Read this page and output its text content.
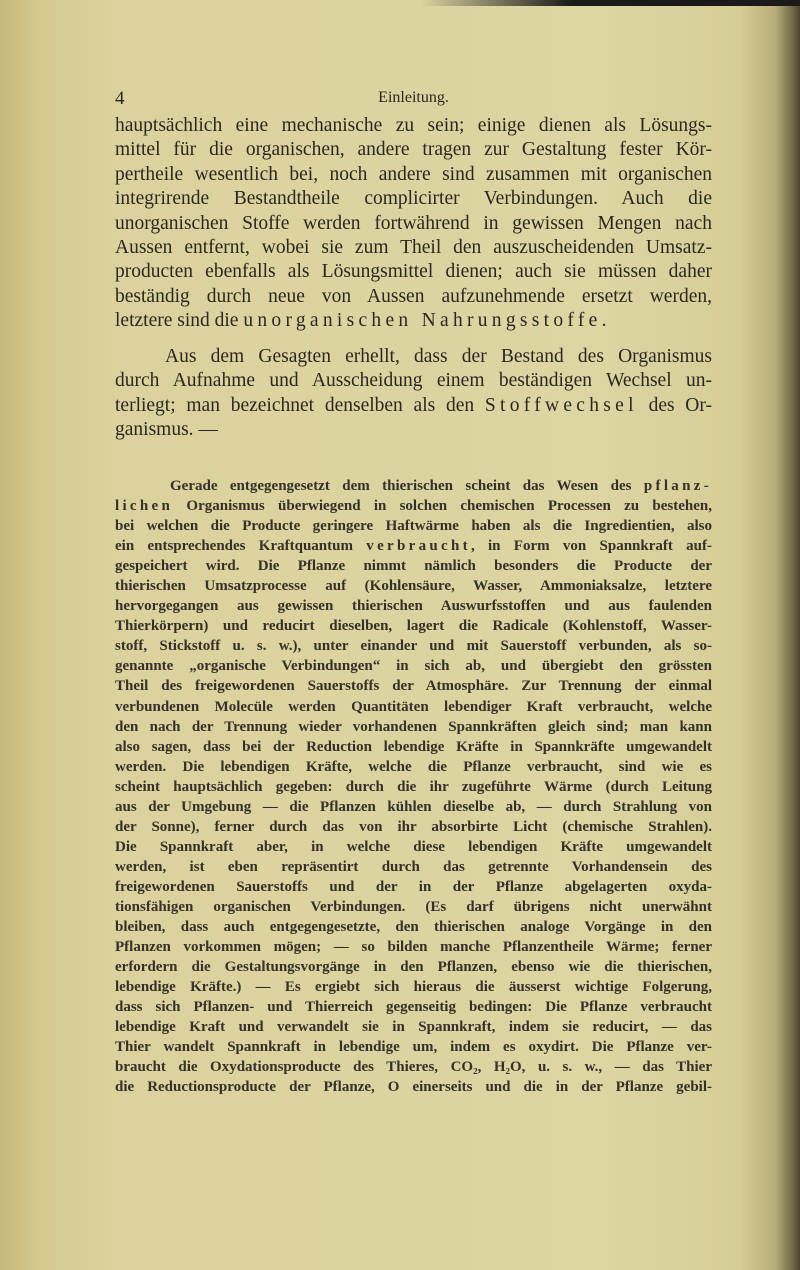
4	Einleitung.
hauptsächlich eine mechanische zu sein; einige dienen als Lösungs-
mittel für die organischen, andere tragen zur Gestaltung fester Kör-
pertheile wesentlich bei, noch andere sind zusammen mit organischen
integrirende Bestandtheile complicirter Verbindungen. Auch die
unorganischen Stoffe werden fortwährend in gewissen Mengen nach
Aussen entfernt, wobei sie zum Theil den auszuscheidenden Umsatz-
producten ebenfalls als Lösungsmittel dienen; auch sie müssen daher
beständig durch neue von Aussen aufzunehmende ersetzt werden,
letztere sind die unorganischen Nahrungsstoffe.
Aus dem Gesagten erhellt, dass der Bestand des Organismus
durch Aufnahme und Ausscheidung einem beständigen Wechsel un-
terliegt; man bezeichnet denselben als den Stoffwechsel des Or-
ganismus. —
Gerade entgegengesetzt dem thierischen scheint das Wesen des pflanz-
lichen Organismus überwiegend in solchen chemischen Processen zu bestehen,
bei welchen die Producte geringere Haftwärme haben als die Ingredientien, also
ein entsprechendes Kraftquantum verbraucht, in Form von Spannkraft auf-
gespeichert wird. Die Pflanze nimmt nämlich besonders die Producte der
thierischen Umsatzprocesse auf (Kohlensäure, Wasser, Ammoniaksalze, letztere
hervorgegangen aus gewissen thierischen Auswurfsstoffen und aus faulenden
Thierkörpern) und reducirt dieselben, lagert die Radicale (Kohlenstoff, Wasser-
stoff, Stickstoff u. s. w.), unter einander und mit Sauerstoff verbunden, als so-
genannte „organische Verbindungen“ in sich ab, und übergiebt den grössten
Theil des freigewordenen Sauerstoffs der Atmosphäre. Zur Trennung der einmal
verbundenen Molecüle werden Quantitäten lebendiger Kraft verbraucht, welche
den nach der Trennung wieder vorhandenen Spannkräften gleich sind; man kann
also sagen, dass bei der Reduction lebendige Kräfte in Spannkräfte umgewandelt
werden. Die lebendigen Kräfte, welche die Pflanze verbraucht, sind wie es
scheint hauptsächlich gegeben: durch die ihr zugeführte Wärme (durch Leitung
aus der Umgebung — die Pflanzen kühlen dieselbe ab, — durch Strahlung von
der Sonne), ferner durch das von ihr absorbirte Licht (chemische Strahlen).
Die Spannkraft aber, in welche diese lebendigen Kräfte umgewandelt
werden, ist eben repräsentirt durch das getrennte Vorhandensein des
freigewordenen Sauerstoffs und der in der Pflanze abgelagerten oxyda-
tionsfähigen organischen Verbindungen. (Es darf übrigens nicht unerwähnt
bleiben, dass auch entgegengesetzte, den thierischen analoge Vorgänge in den
Pflanzen vorkommen mögen; — so bilden manche Pflanzentheile Wärme; ferner
erfordern die Gestaltungsvorgänge in den Pflanzen, ebenso wie die thierischen,
lebendige Kräfte.) — Es ergiebt sich hieraus die äusserst wichtige Folgerung,
dass sich Pflanzen- und Thierreich gegenseitig bedingen: Die Pflanze verbraucht
lebendige Kraft und verwandelt sie in Spannkraft, indem sie reducirt, — das
Thier wandelt Spannkraft in lebendige um, indem es oxydirt. Die Pflanze ver-
braucht die Oxydationsproducte des Thieres, CO₂, H₂O, u. s. w., — das Thier
die Reductionsproducte der Pflanze, O einerseits und die in der Pflanze gebil-
